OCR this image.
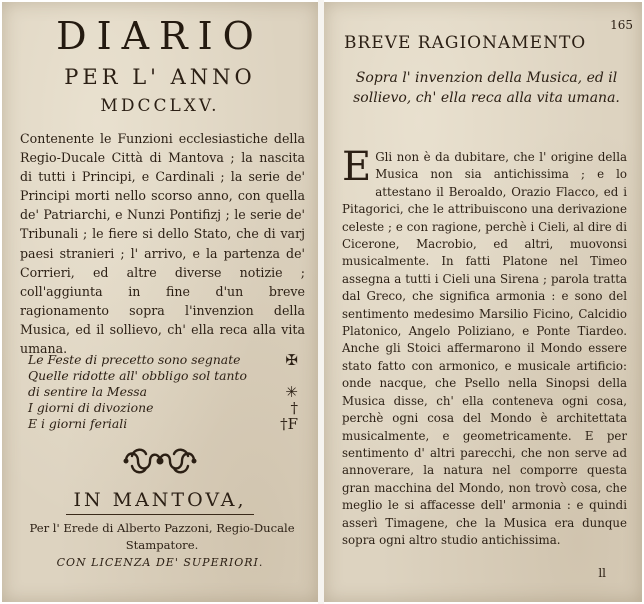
DIARIO
PER L' ANNO
MDCCLXV.

Contenente le Funzioni ecclesiastiche della Regio-Ducale Città di Mantova ; la nascita di tutti i Principi, e Cardinali ; la serie de' Principi morti nello scorso anno, con quella de' Patriarchi, e Nunzi Pontifizj ; le serie de' Tribunali ; le fiere si dello Stato, che di varj paesi stranieri ; l' arrivo, e la partenza de' Corrieri, ed altre diverse notizie ; coll'aggiunta in fine d'un breve ragionamento sopra l'invenzion della Musica, ed il sollievo, ch' ella reca alla vita umana.

Le Feste di precetto sono segnate	✠
Quelle ridotte all' obbligo sol tanto
di sentire la Messa	✳
I giorni di divozione	†
E i giorni feriali	†F
IN MANTOVA,
Per l' Erede di Alberto Pazzoni, Regio-Ducale Stampatore.
CON LICENZA DE' SUPERIORI.
165
BREVE RAGIONAMENTO
Sopra l' invenzion della Musica, ed il sollievo, ch' ella reca alla vita umana.

E Gli non è da dubitare, che l' origine della Musica non sia antichissima ; e lo attestano il Beroaldo, Orazio Flacco, ed i Pitagorici, che le attribuiscono una derivazione celeste ; e con ragione, perchè i Cieli, al dire di Cicerone, Macrobio, ed altri, muovonsi musicalmente. In fatti Platone nel Timeo assegna a tutti i Cieli una Sirena ; parola tratta dal Greco, che significa armonia : e sono del sentimento medesimo Marsilio Ficino, Calcidio Platonico, Angelo Poliziano, e Ponte Tiardeo. Anche gli Stoici affermarono il Mondo essere stato fatto con armonico, e musicale artificio: onde nacque, che Psello nella Sinopsi della Musica disse, ch' ella conteneva ogni cosa, perchè ogni cosa del Mondo è architettata musicalmente, e geometricamente. E per sentimento d' altri parecchi, che non serve ad annoverare, la natura nel comporre questa gran macchina del Mondo, non trovò cosa, che meglio le si affacesse dell' armonia : e quindi asserì Timagene, che la Musica era dunque sopra ogni altro studio antichissima.

ll
